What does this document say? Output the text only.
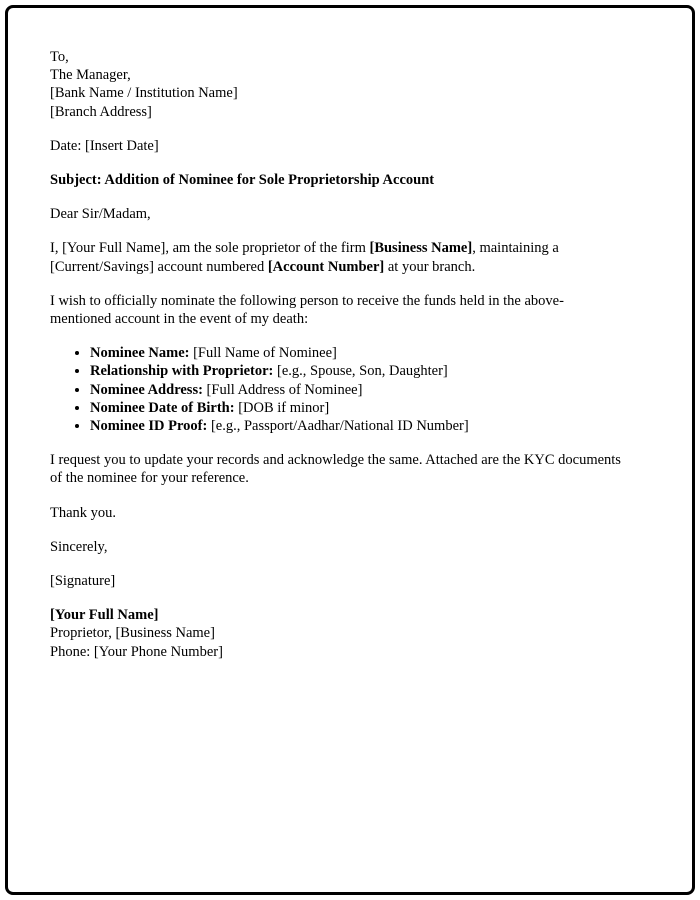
To,

The Manager,

[Bank Name / Institution Name]

[Branch Address]

Date: [Insert Date]

Subject: Addition of Nominee for Sole Proprietorship Account

Dear Sir/Madam,

I, [Your Full Name], am the sole proprietor of the firm [Business Name], maintaining a [Current/Savings] account numbered [Account Number] at your branch.

I wish to officially nominate the following person to receive the funds held in the above-mentioned account in the event of my death:

• Nominee Name: [Full Name of Nominee]
• Relationship with Proprietor: [e.g., Spouse, Son, Daughter]
• Nominee Address: [Full Address of Nominee]
• Nominee Date of Birth: [DOB if minor]
• Nominee ID Proof: [e.g., Passport/Aadhar/National ID Number]

I request you to update your records and acknowledge the same. Attached are the KYC documents of the nominee for your reference.

Thank you.

Sincerely,

[Signature]

[Your Full Name]

Proprietor, [Business Name]

Phone: [Your Phone Number]
